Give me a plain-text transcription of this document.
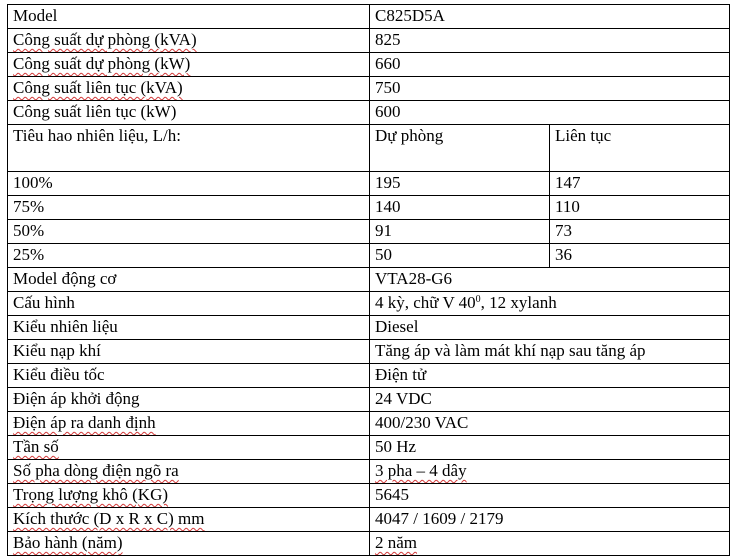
Model	C825D5A	
Công suất dự phòng (kVA)	825	
Công suất dự phòng (kW)	660	
Công suất liên tục (kVA)	750	
Công suất liên tục (kW)	600	
Tiêu hao nhiên liệu, L/h:	Dự phòng	Liên tục
100%	195	147
75%	140	110
50%	91	73
25%	50	36
Model động cơ	VTA28-G6	
Cấu hình	4 kỳ, chữ V $40^0$, 12 xylanh	
Kiểu nhiên liệu	Diesel	
Kiểu nạp khí	Tăng áp và làm mát khí nạp sau tăng áp	
Kiểu điều tốc	Điện tử	
Điện áp khởi động	24 VDC	
Điện áp ra danh định	400/230 VAC	
Tần số	50 Hz	
Số pha dòng điện ngõ ra	3 pha – 4 dây	
Trọng lượng khô (KG)	5645	
Kích thước (D x R x C) mm	4047 / 1609 / 2179	
Bảo hành (năm)	2 năm	
